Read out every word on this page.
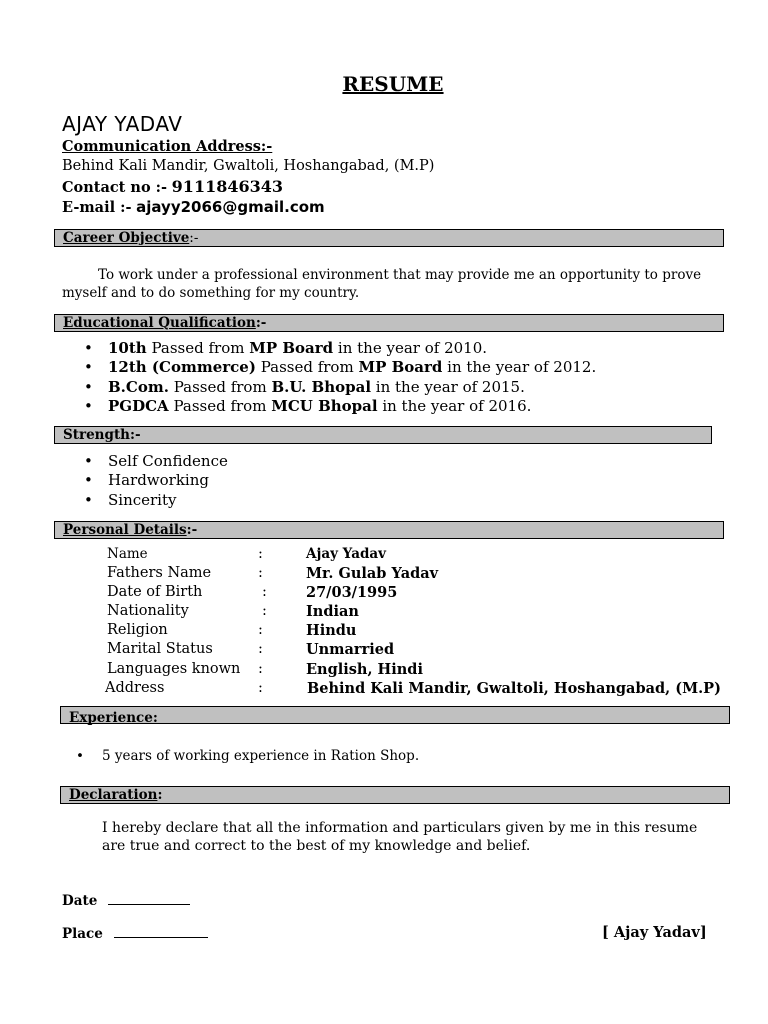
RESUME
AJAY YADAV
Communication Address:-
Behind Kali Mandir, Gwaltoli, Hoshangabad, (M.P)
Contact no :- 9111846343
E-mail :- ajayy2066@gmail.com
Career Objective:-
To work under a professional environment that may provide me an opportunity to prove myself and to do something for my country.
Educational Qualification:-
• 10th Passed from MP Board in the year of 2010.
• 12th (Commerce) Passed from MP Board in the year of 2012.
• B.Com. Passed from B.U. Bhopal in the year of 2015.
• PGDCA Passed from MCU Bhopal in the year of 2016.
Strength:-
• Self Confidence
• Hardworking
• Sincerity
Personal Details:-
Name	:	Ajay Yadav
Fathers Name	:	Mr. Gulab Yadav
Date of Birth	:	27/03/1995
Nationality	:	Indian
Religion	:	Hindu
Marital Status	:	Unmarried
Languages known :	English, Hindi
Address	:	Behind Kali Mandir, Gwaltoli, Hoshangabad, (M.P)
Experience:
• 5 years of working experience in Ration Shop.
Declaration:
I hereby declare that all the information and particulars given by me in this resume are true and correct to the best of my knowledge and belief.
Date
Place	[ Ajay Yadav]
